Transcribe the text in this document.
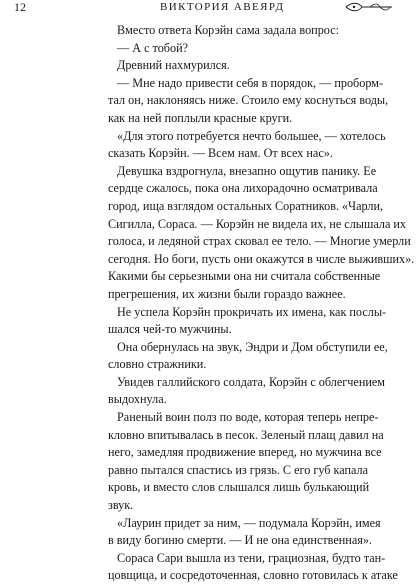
12	ВИКТОРИЯ АВЕЯРД
Вместо ответа Корэйн сама задала вопрос:
— А с тобой?
Древний нахмурился.
— Мне надо привести себя в порядок, — проборм-
тал он, наклоняясь ниже. Стоило ему коснуться воды,
как на ней поплыли красные круги.
«Для этого потребуется нечто большее, — хотелось
сказать Корэйн. — Всем нам. От всех нас».
Девушка вздрогнула, внезапно ощутив панику. Ее
сердце сжалось, пока она лихорадочно осматривала
город, ища взглядом остальных Соратников. «Чарли,
Сигилла, Сораса. — Корэйн не видела их, не слышала их
голоса, и ледяной страх сковал ее тело. — Многие умерли
сегодня. Но боги, пусть они окажутся в числе выживших».
Какими бы серьезными она ни считала собственные
прегрешения, их жизни были гораздо важнее.
Не успела Корэйн прокричать их имена, как послы-
шался чей-то мужчины.
Она обернулась на звук, Эндри и Дом обступили ее,
словно стражники.
Увидев галлийского солдата, Корэйн с облегчением
выдохнула.
Раненый воин полз по воде, которая теперь непре-
кловно впитывалась в песок. Зеленый плащ давил на
него, замедляя продвижение вперед, но мужчина все
равно пытался спастись из грязь. С его губ капала
кровь, и вместо слов слышался лишь булькающий
звук.
«Лаурин придет за ним, — подумала Корэйн, имея
в виду богиню смерти. — И не она единственная».
Сораса Сари вышла из тени, грациозная, будто тан-
цовщица, и сосредоточенная, словно готовилась к атаке
